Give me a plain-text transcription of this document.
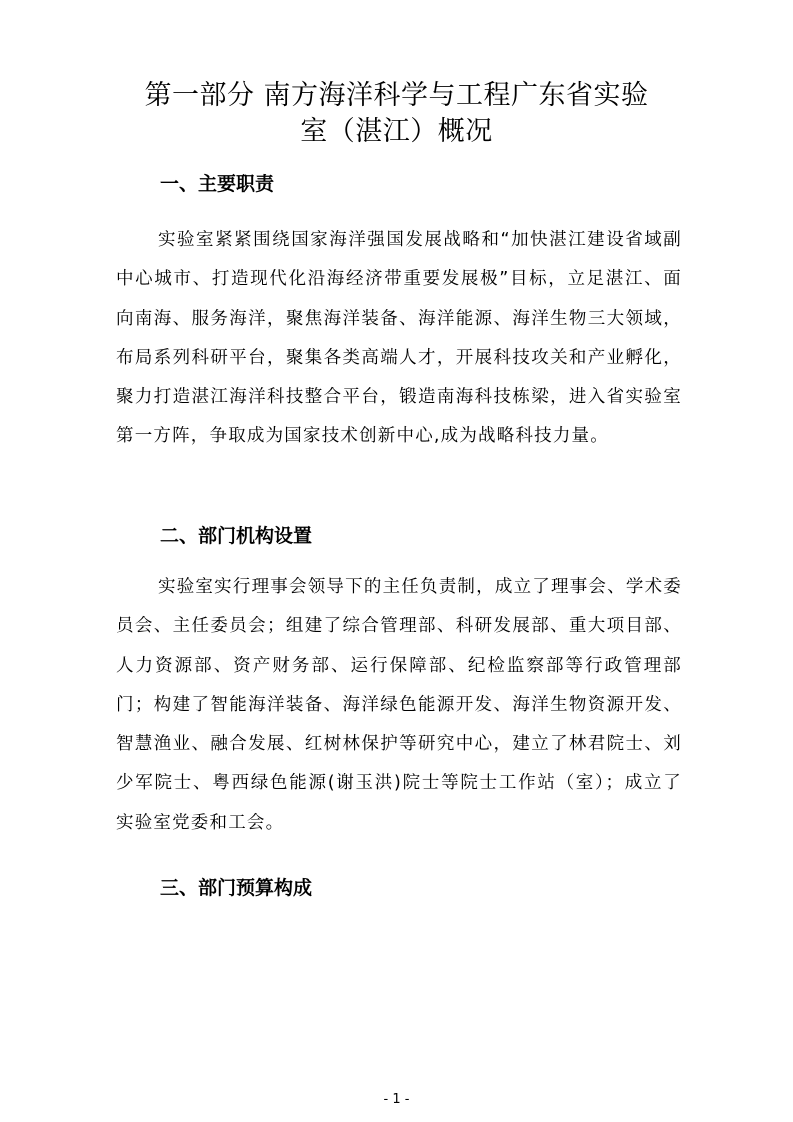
第一部分 南方海洋科学与工程广东省实验
室（湛江）概况
一、主要职责

实验室紧紧围绕国家海洋强国发展战略和“加快湛江建设省域副中心城市、打造现代化沿海经济带重要发展极”目标，立足湛江、面向南海、服务海洋，聚焦海洋装备、海洋能源、海洋生物三大领域，布局系列科研平台，聚集各类高端人才，开展科技攻关和产业孵化，聚力打造湛江海洋科技整合平台，锻造南海科技栋梁，进入省实验室第一方阵，争取成为国家技术创新中心,成为战略科技力量。

二、部门机构设置

实验室实行理事会领导下的主任负责制，成立了理事会、学术委员会、主任委员会；组建了综合管理部、科研发展部、重大项目部、人力资源部、资产财务部、运行保障部、纪检监察部等行政管理部门；构建了智能海洋装备、海洋绿色能源开发、海洋生物资源开发、智慧渔业、融合发展、红树林保护等研究中心，建立了林君院士、刘少军院士、粤西绿色能源(谢玉洪)院士等院士工作站（室）；成立了实验室党委和工会。

三、部门预算构成

- 1 -
